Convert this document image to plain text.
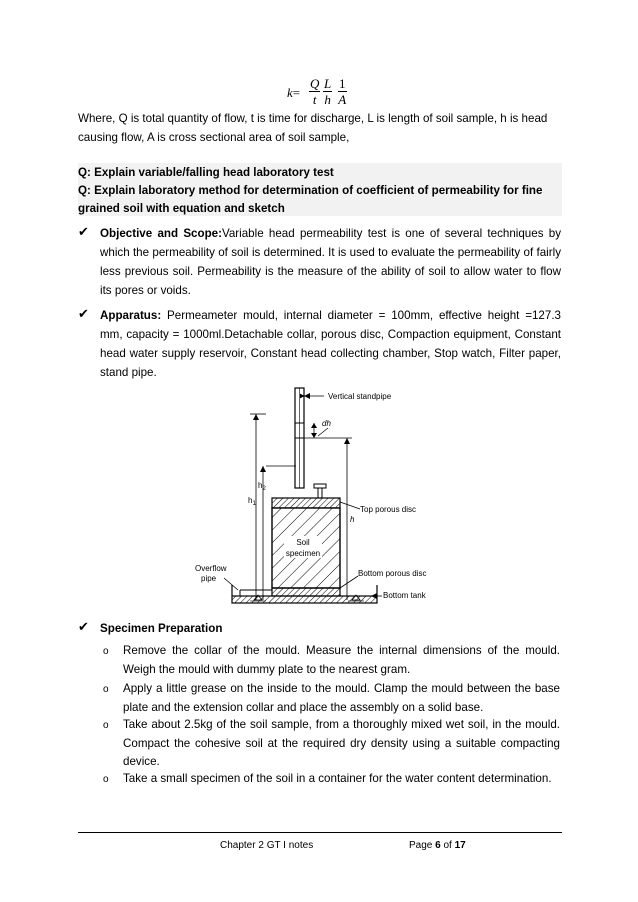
$k= \frac{Q}{t} \frac{L}{h} \frac{1}{A}$
Where, Q is total quantity of flow, t is time for discharge, L is length of soil sample, h is head causing flow, A is cross sectional area of soil sample,
Q: Explain variable/falling head laboratory test
Q: Explain laboratory method for determination of coefficient of permeability for fine grained soil with equation and sketch
✔ Objective and Scope:Variable head permeability test is one of several techniques by which the permeability of soil is determined. It is used to evaluate the permeability of fairly less previous soil. Permeability is the measure of the ability of soil to allow water to flow its pores or voids.
✔ Apparatus: Permeameter mould, internal diameter = 100mm, effective height =127.3 mm, capacity = 1000ml.Detachable collar, porous disc, Compaction equipment, Constant head water supply reservoir, Constant head collecting chamber, Stop watch, Filter paper, stand pipe.
Soil
specimen
$h_2$
$h_1$
dh
h
Vertical standpipe
Top porous disc
Bottom porous disc
Bottom tank
Overflow
pipe
✔ Specimen Preparation
o Remove the collar of the mould. Measure the internal dimensions of the mould. Weigh the mould with dummy plate to the nearest gram.
o Apply a little grease on the inside to the mould. Clamp the mould between the base plate and the extension collar and place the assembly on a solid base.
o Take about 2.5kg of the soil sample, from a thoroughly mixed wet soil, in the mould. Compact the cohesive soil at the required dry density using a suitable compacting device.
o Take a small specimen of the soil in a container for the water content determination.
Chapter 2 GT I notes	Page 6 of 17
